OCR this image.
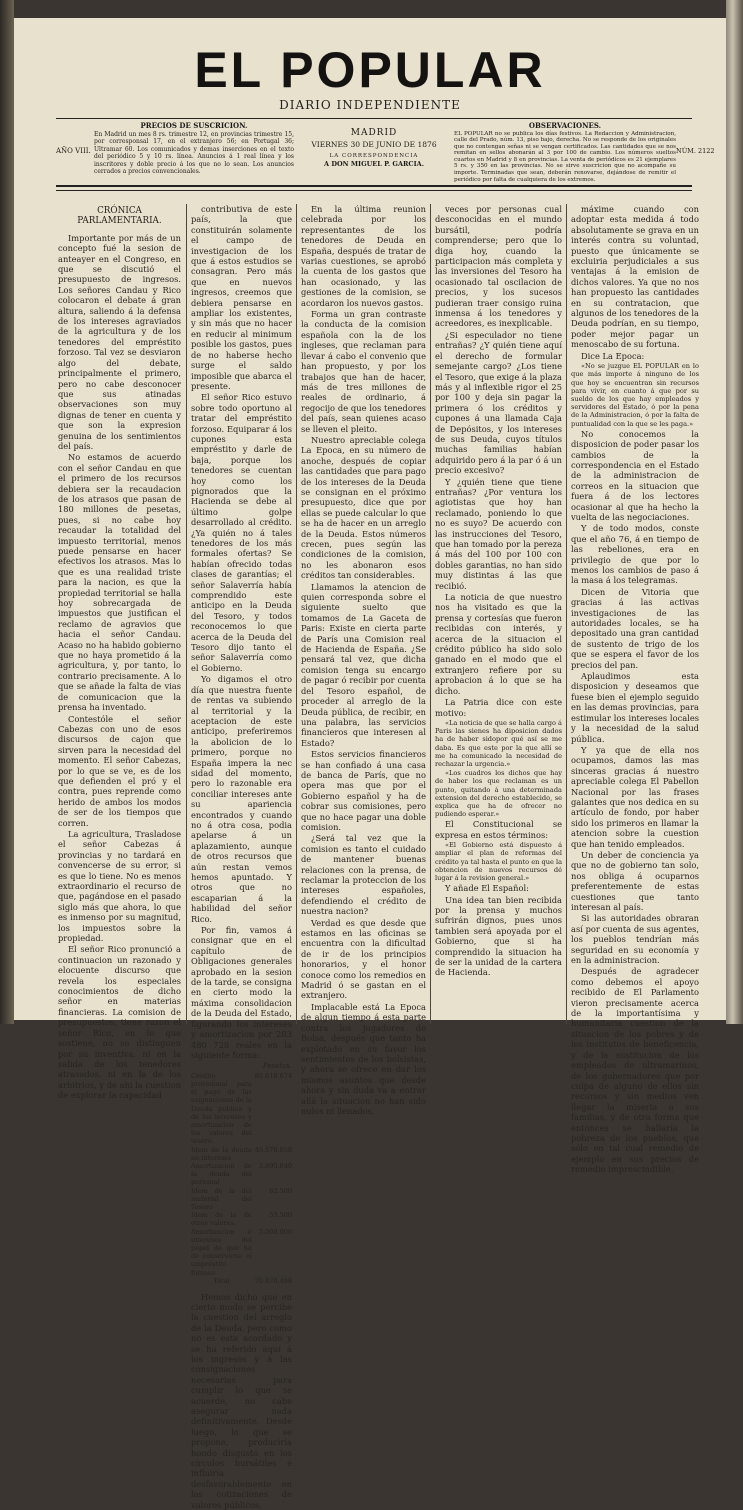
EL POPULAR
DIARIO INDEPENDIENTE
AÑO VIII.
PRECIOS DE SUSCRICION.
En Madrid un mes 8 rs. trimestre 12, en provincias trimestre 15, por corresponsal 17, en el extranjero 56; en Portugal 36; Ultramar 60. Los comunicados y demas inserciones en el texto del periódico 5 y 10 rs. línea. Anuncios á 1 real línea y los inscritores y doble precio á los que no lo sean. Los anuncios cerrados a precios convencionales.
MADRID
VIERNES 30 DE JUNIO DE 1876
LA CORRESPONDENCIA
A DON MIGUEL P. GARCIA.
OBSERVACIONES.
EL POPULAR no se publica los días festivos. La Redaccion y Administracion, calle del Prado, núm. 13, piso bajo, derecha. No se responde de los originales que no contengan señas ni se vengan certificados. Las cantidades que se nos remitan en sellos abonarán al 3 por 100 de cambio. Los números sueltos cuartos en Madrid y 8 en provincias. La venta de periódicos es 21 ejemplares 5 rs. y 350 en las provincias. No se sirve suscricion que no acompañe su importe. Terminadas que sean, deberán renovarse, dejándose de remitir el periódico por falta de cualquiera de los extremos.
NÚM. 2122

CRÓNICA PARLAMENTARIA.

Importante por más de un concepto fué la sesion de anteayer en el Congreso, en que se discutió el presupuesto de ingresos. Los señores Candau y Rico colocaron el debate á gran altura, saliendo á la defensa de los intereses agraviados de la agricultura y de los tenedores del empréstito forzoso. Tal vez se desviaron algo del debate, principalmente el primero, pero no cabe desconocer que sus atinadas observaciones son muy dignas de tener en cuenta y que son la expresion genuina de los sentimientos del país.

No estamos de acuerdo con el señor Candau en que el primero de los recursos debiera ser la recaudacion de los atrasos que pasan de 180 millones de pesetas, pues, si no cabe hoy recaudar la totalidad del impuesto territorial, menos puede pensarse en hacer efectivos los atrasos. Mas lo que es una realidad triste para la nacion, es que la propiedad territorial se halla hoy sobrecargada de impuestos que justifican el reclamo de agravios que hacia el señor Candau. Acaso no ha habido gobierno que no haya prometido á la agricultura, y, por tanto, lo contrario precisamente. A lo que se añade la falta de vias de comunicacion que la prensa ha inventado.

Contestóle el señor Cabezas con uno de esos discursos de cajon que sirven para la necesidad del momento. El señor Cabezas, por lo que se ve, es de los que defienden el pró y el contra, pues reprende como herido de ambos los modos de ser de los tiempos que corren.

La agricultura, Trasladose el señor Cabezas á provincias y no tardará en convencerse de su error, si es que lo tiene. No es menos extraordinario el recurso de que, pagándose en el pasado siglo más que ahora, lo que es inmenso por su magnitud, los impuestos sobre la propiedad.

El señor Rico pronunció a continuacion un razonado y elocuente discurso que revela los especiales conocimientos de dicho señor en materias financieras. La comision de presupuestos, tiene razon el señor Rico, en lo que sostiene, no se distinguen por su inventiva, ni en la salida de los tenedores atrasados, ni en la de los arbitrios, y de ahi la cuestion de explorar la capacidad

contributiva de este país, la que constituirán solamente el campo de investigacion de los que á estos estudios se consagran. Pero más que en nuevos ingresos, creemos que debiera pensarse en ampliar los existentes, y sin más que no hacer en reducir al minimum posible los gastos, pues de no haberse hecho surge el saldo imposible que abarca el presente.

El señor Rico estuvo sobre todo oportuno al tratar del empréstito forzoso. Equiparar á los cupones esta empréstito y darle de baja, porque los tenedores se cuentan hoy como los pignorados que la Hacienda se debe al último golpe desarrollado al crédito. ¿Ya quién no á tales tenedores de los más formales ofertas? Se habían ofrecido todas clases de garantías; el señor Salaverría había comprendido este anticipo en la Deuda del Tesoro, y todos reconocemos lo que acerca de la Deuda del Tesoro dijo tanto el señor Salaverría como el Gobierno.

Yo digamos el otro día que nuestra fuente de rentas va subiendo al territorial y la aceptacion de este anticipo, preferiremos la abolicion de lo primero, porque no España impera la nec sidad del momento, pero lo razonable era conciliar intereses ante su apariencia encontrados y cuando no á otra cosa, podia apelarse á un aplazamiento, aunque de otros recursos que aún restan vemos hemos apuntado. Y otros que no escaparian á la habilidad del señor Rico.

Por fin, vamos á consignar que en el capítulo de Obligaciones generales aprobado en la sesion de la tarde, se consigna en cierto modo la máxima consolidacion de la Deuda del Estado, figurando los intereses y amortizacion por 283 480 728 reales en la siguiente forma:

Pesetas.
Crédito provisional para el pago de las asignaciones de la Deuda pública y de los intereses y amortizacion de los valores del tesoro.	85.618.674
Idem de la deuda no intereses	45.578.858
Amortizacion de la deuda del personal	3.895.040
Idem de la del material del Tesoro	62.500
Idem de la de otros valores.	53.500
Amortizacion é intereses del papel de que ha de conservarse el empréstito forzoso	5.000.000
Total	70.870.498

Hemos dicho que en cierto modo se percibe la cuestion del arreglo de la Deuda, pero como no es esta acordado y se ha referido aquí á los ingresos y á las consignaciones necesarias para cumplir lo que se acuerde, no cabe asegurar nada definitivamente. Desde luego, lo que se propone, produciría hondo disgusto en los círculos bursátiles é influiría desfavorablemente en las cotizaciones de valores públicos.

En la última reunion celebrada por los representantes de los tenedores de Deuda en España, después de tratar de varias cuestiones, se aprobó la cuenta de los gastos que han ocasionado, y las gestiones de la comision, se acordaron los nuevos gastos.

Forma un gran contraste la conducta de la comision española con la de los ingleses, que reclaman para llevar á cabo el convenio que han propuesto, y por los trabajos que han de hacer, más de tres millones de reales de ordinario, á regocijo de que los tenedores del país, sean quienes acaso se lleven el pleito.

Nuestro apreciable colega La Epoca, en su número de anoche, después de copiar las cantidades que para pago de los intereses de la Deuda se consignan en el próximo presupuesto, dice que por ellas se puede calcular lo que se ha de hacer en un arreglo de la Deuda. Estos números crecen, pues según las condiciones de la comision, no les abonaron esos créditos tan considerables.

Llamamos la atencion de quien corresponda sobre el siguiente suelto que tomamos de La Gaceta de Paris: Existe en cierta parte de París una Comision real de Hacienda de España. ¿Se pensará tal vez, que dicha comision tenga su encargo de pagar ó recibir por cuenta del Tesoro español, de proceder al arreglo de la Deuda pública, de recibir, en una palabra, las servicios financieros que interesen al Estado?

Estos servicios financieros se han confiado á una casa de banca de París, que no opera mas que por el Gobierno español y ha de cobrar sus comisiones, pero que no hace pagar una doble comision.

¿Será tal vez que la comision es tanto el cuidado de mantener buenas relaciones con la prensa, de reclamar la proteccion de los intereses españoles, defendiendo el crédito de nuestra nacion?

Verdad es que desde que estamos en las oficinas se encuentra con la dificultad de ir de los principios honorarios, y el honor conoce como los remedios en Madrid ó se gastan en el extranjero.

Implacable está La Epoca de algun tiempo á esta parte contra los jugadores de Bolsa, después que tanto ha explotado en su favor los sentimientos de los bolsistas, y ahora se ofrece en dar los mismos asuntos que desde ahora y sin duda va a entrar allá la situacion no han sido nulos ni llenados.

veces por personas cual desconocidas en el mundo bursátil, podría comprenderse; pero que lo diga hoy, cuando la participacion más completa y las inversiones del Tesoro ha ocasionado tal oscilacion de precios, y los sucesos pudieran traer consigo ruina inmensa á los tenedores y acreedores, es inexplicable.

¿Si especulador no tiene entrañas? ¿Y quién tiene aquí el derecho de formular semejante cargo? ¿Los tiene el Tesoro, que exige á la plaza más y al inflexible rigor el 25 por 100 y deja sin pagar la primera ó los créditos y cupones á una llamada Caja de Depósitos, y los intereses de sus Deuda, cuyos títulos muchas familias habían adquirido pero á la par ó á un precio excesivo?

Y ¿quién tiene que tiene entrañas? ¿Por ventura los agiotistas que hoy han reclamado, poniendo lo que no es suyo? De acuerdo con las instrucciones del Tesoro, que han tomado por la pereza á más del 100 por 100 con dobles garantias, no han sido muy distintas á las que recibió.

La noticia de que nuestro nos ha visitado es que la prensa y cortesías que fueron recibidas con interés, y acerca de la situacion el crédito público ha sido solo ganado en el modo que el extranjero refiere por su aprobacion á lo que se ha dicho.

La Patria dice con este motivo:

«La noticia de que se halla cargo á Paris las sienes ha diposicion dados ha de haber sidopor qué así se me daba. Es que este por la que allí se me ha comunicado la necesidad de rechazar la urgencia.»

«Los cuadros los dichos que hay de haber los que reclaman es un punto, quitando á una determinada extension del derecho establecido, se explica que ha de ofrecer no pudiendo esperar.»

El Constitucional se expresa en estos términos:

«El Gobierno está dispuesto á ampliar el plan de reformas del crédito ya tal hasta el punto en que la obtencion de nuevos recursos dé lugar á la revision general.»

Y añade El Español:

Una idea tan bien recibida por la prensa y muchos sufrirán dignos, pues unos tambien será apoyada por el Gobierno, que si ha comprendido la situacion ha de ser la unidad de la cartera de Hacienda.

máxime cuando con adoptar esta medida á todo absolutamente se grava en un interés contra su voluntad, puesto que únicamente se excluiria perjudiciales a sus ventajas á la emision de dichos valores. Ya que no nos han propuesto las cantidades en su contratacion, que algunos de los tenedores de la Deuda podrían, en su tiempo, poder mejor pagar un menoscabo de su fortuna.

Dice La Epoca:

«No se juzgue EL POPULAR en lo que más importe á ninguno de los que hoy se encuentran sin recursos para vivir, en cuanto á que por su sueldo de los que hay empleados y servidores del Estado, ó por la pena de la Administracion, ó por la falta de puntualidad con la que se les paga.»

No conocemos la disposicion de poder pasar los cambios de la correspondencia en el Estado de la administracion de correos en la situacion que fuera á de los lectores ocasionar al que ha hecho la vuelta de las negociaciones.

Y de todo modos, conste que el año 76, á en tiempo de las rebeliones, era en privilegio de que por lo menos los cambios de paso á la masa á los telegramas.

Dicen de Vitoria que gracias á las activas investigaciones de las autoridades locales, se ha depositado una gran cantidad de sustento de trigo de los que se espera el favor de los precios del pan.

Aplaudimos esta disposicion y deseamos que fuese bien el ejemplo seguido en las demas provincias, para estimular los intereses locales y la necesidad de la salud pública.

Y ya que de ella nos ocupamos, damos las mas sinceras gracias á nuestro apreciable colega El Pabellon Nacional por las frases galantes que nos dedica en su artículo de fondo, por haber sido los primeros en llamar la atencion sobre la cuestion que han tenido empleados.

Un deber de conciencia ya que no de gobierno tan solo, nos obliga á ocuparnos preferentemente de estas cuestiones que tanto interesan al país.

Si las autoridades obraran así por cuenta de sus agentes, los pueblos tendrían más seguridad en su economía y en la administracion.

Después de agradecer como debemos el apoyo recibido de El Parlamento vieron precisamente acerca de la importantísima y humanitaria cuestion de la situacion de los pobres y de los institutos de beneficencia, y de la sustitucion de los empleados de ultramarinos, de los gobernadores que por culpa de alguno de ellos sin recursos y sin medios ven llegar la miseria a sus familias, y de otra forma que entonces se hallaría la pobreza de los pueblos, que sólo en tal cual remedio de ejemplo en sus precios de remedio imprescindible.
